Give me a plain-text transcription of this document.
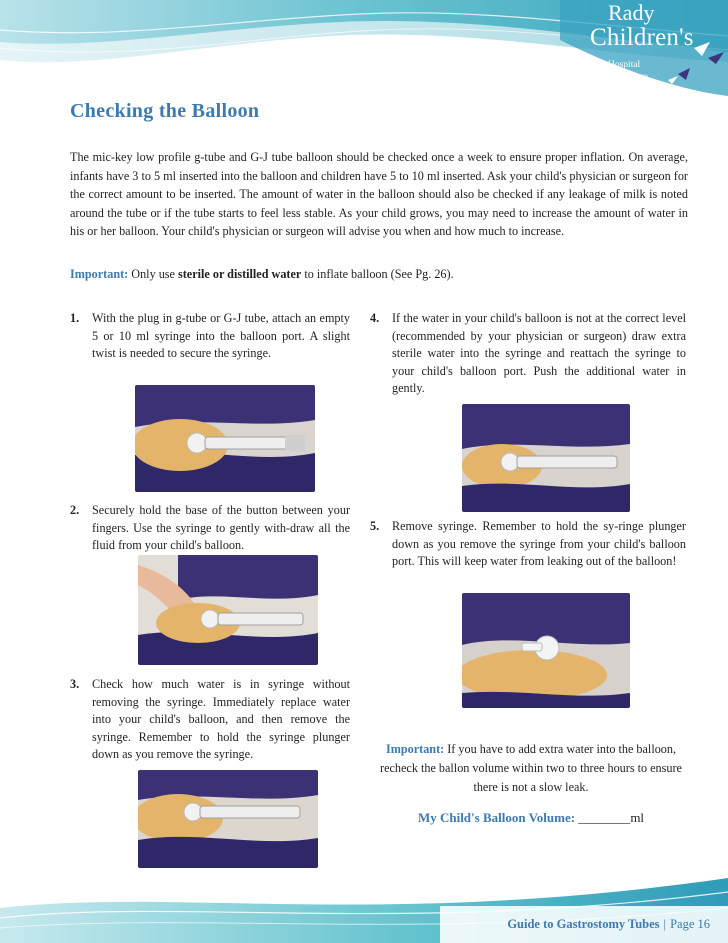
Rady
Children's
Hospital
San Diego
Checking the Balloon

The mic-key low profile g-tube and G-J tube balloon should be checked once a week to ensure proper inflation. On average, infants have 3 to 5 ml inserted into the balloon and children have 5 to 10 ml inserted. Ask your child's physician or surgeon for the correct amount to be inserted. The amount of water in the balloon should also be checked if any leakage of milk is noted around the tube or if the tube starts to feel less stable. As your child grows, you may need to increase the amount of water in his or her balloon. Your child's physician or surgeon will advise you when and how much to increase.

Important: Only use sterile or distilled water to inflate balloon (See Pg. 26).

1.	With the plug in g-tube or G-J tube, attach an empty 5 or 10 ml syringe into the balloon port. A slight twist is needed to secure the syringe.

2.	Securely hold the base of the button between your fingers. Use the syringe to gently with-draw all the fluid from your child's balloon.

3.	Check how much water is in syringe without removing the syringe. Immediately replace water into your child's balloon, and then remove the syringe. Remember to hold the syringe plunger down as you remove the syringe.

4.	If the water in your child's balloon is not at the correct level (recommended by your physician or surgeon) draw extra sterile water into the syringe and reattach the syringe to your child's balloon port. Push the additional water in gently.

5.	Remove syringe. Remember to hold the sy-ringe plunger down as you remove the syringe from your child's balloon port. This will keep water from leaking out of the balloon!

Important: If you have to add extra water into the balloon, recheck the ballon volume within two to three hours to ensure there is not a slow leak.

My Child's Balloon Volume: ________ml

Guide to Gastrostomy Tubes | Page 16
